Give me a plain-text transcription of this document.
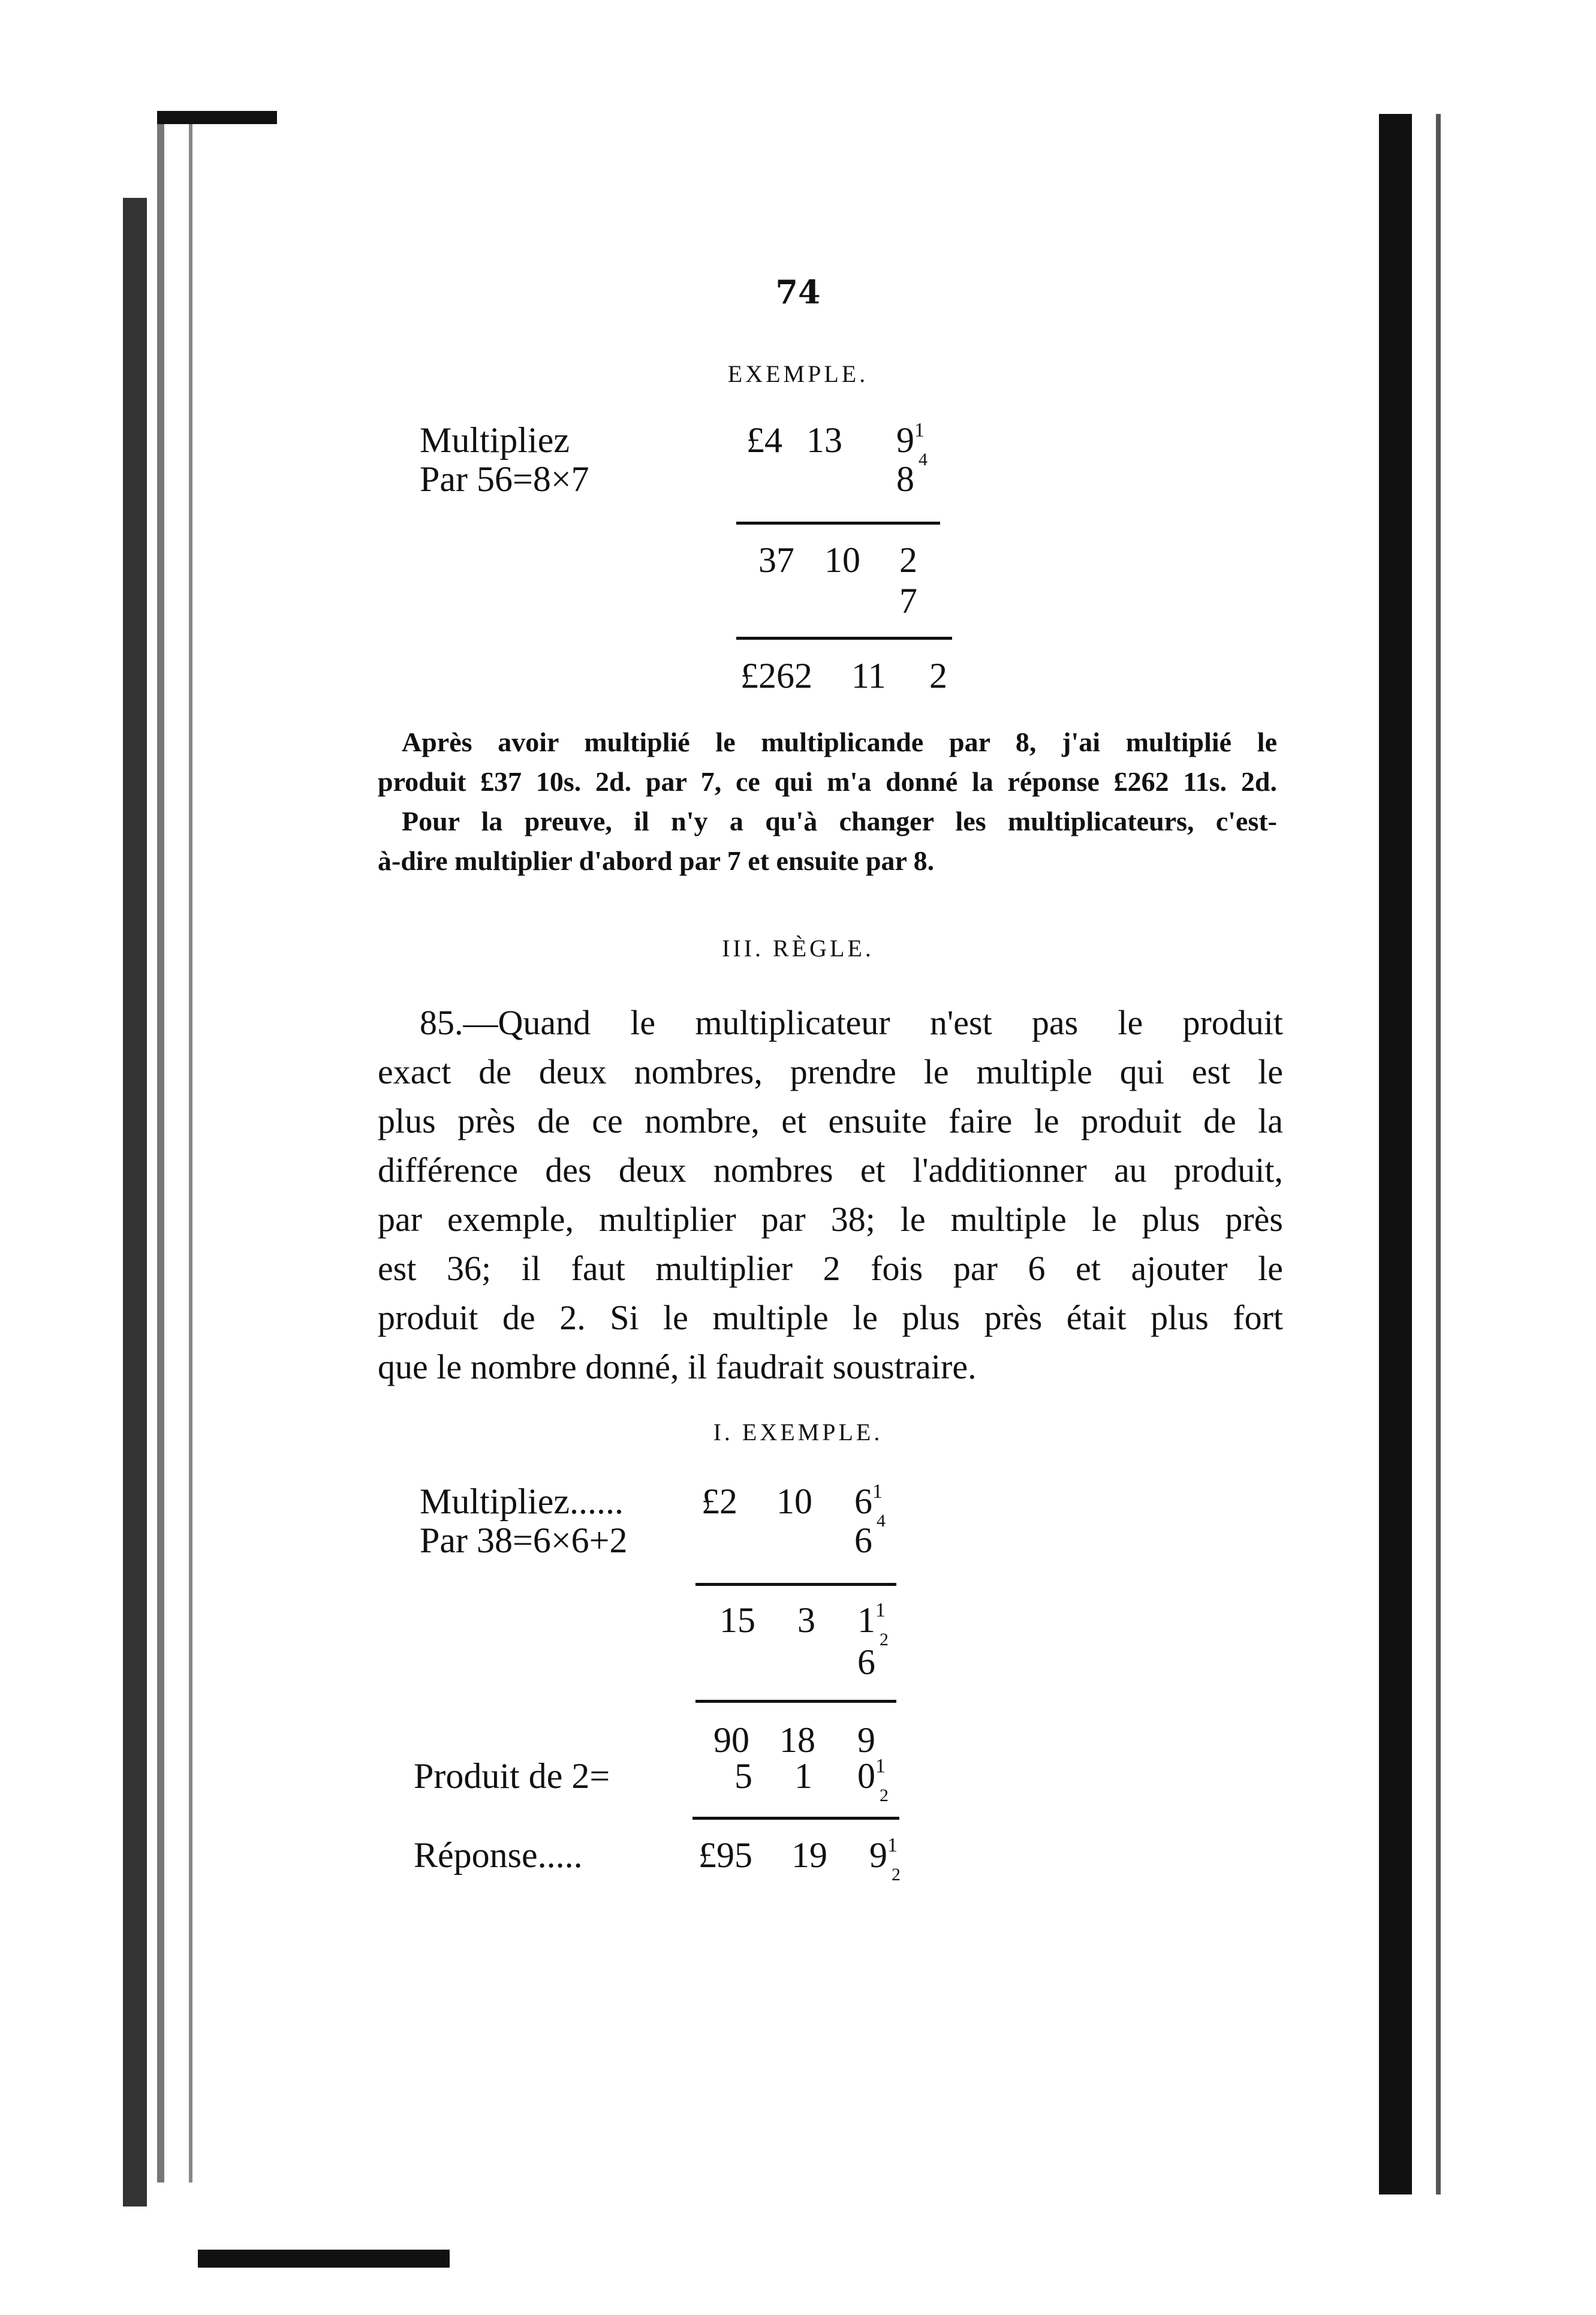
74
EXEMPLE.
Multipliez
Par 56=8×7
£4 13 $9^1_4$
8
37 10 2
7
£262 11 2
Après avoir multiplié le multiplicande par 8, j'ai multiplié le
produit £37 10s. 2d. par 7, ce qui m'a donné la réponse £262 11s. 2d.
Pour la preuve, il n'y a qu'à changer les multiplicateurs, c'est-
à-dire multiplier d'abord par 7 et ensuite par 8.
III. RÈGLE.
85.—Quand le multiplicateur n'est pas le produit
exact de deux nombres, prendre le multiple qui est le
plus près de ce nombre, et ensuite faire le produit de la
différence des deux nombres et l'additionner au produit,
par exemple, multiplier par 38; le multiple le plus près
est 36; il faut multiplier 2 fois par 6 et ajouter le
produit de 2. Si le multiple le plus près était plus fort
que le nombre donné, il faudrait soustraire.
I. EXEMPLE.
Multipliez......
Par 38=6×6+2
£2 10 $6^1_4$
6
15 3 $1^1_2$
6
90 18 9
Produit de 2=	5 1 $0^1_2$
Réponse.....	£95 19 $9^1_2$
